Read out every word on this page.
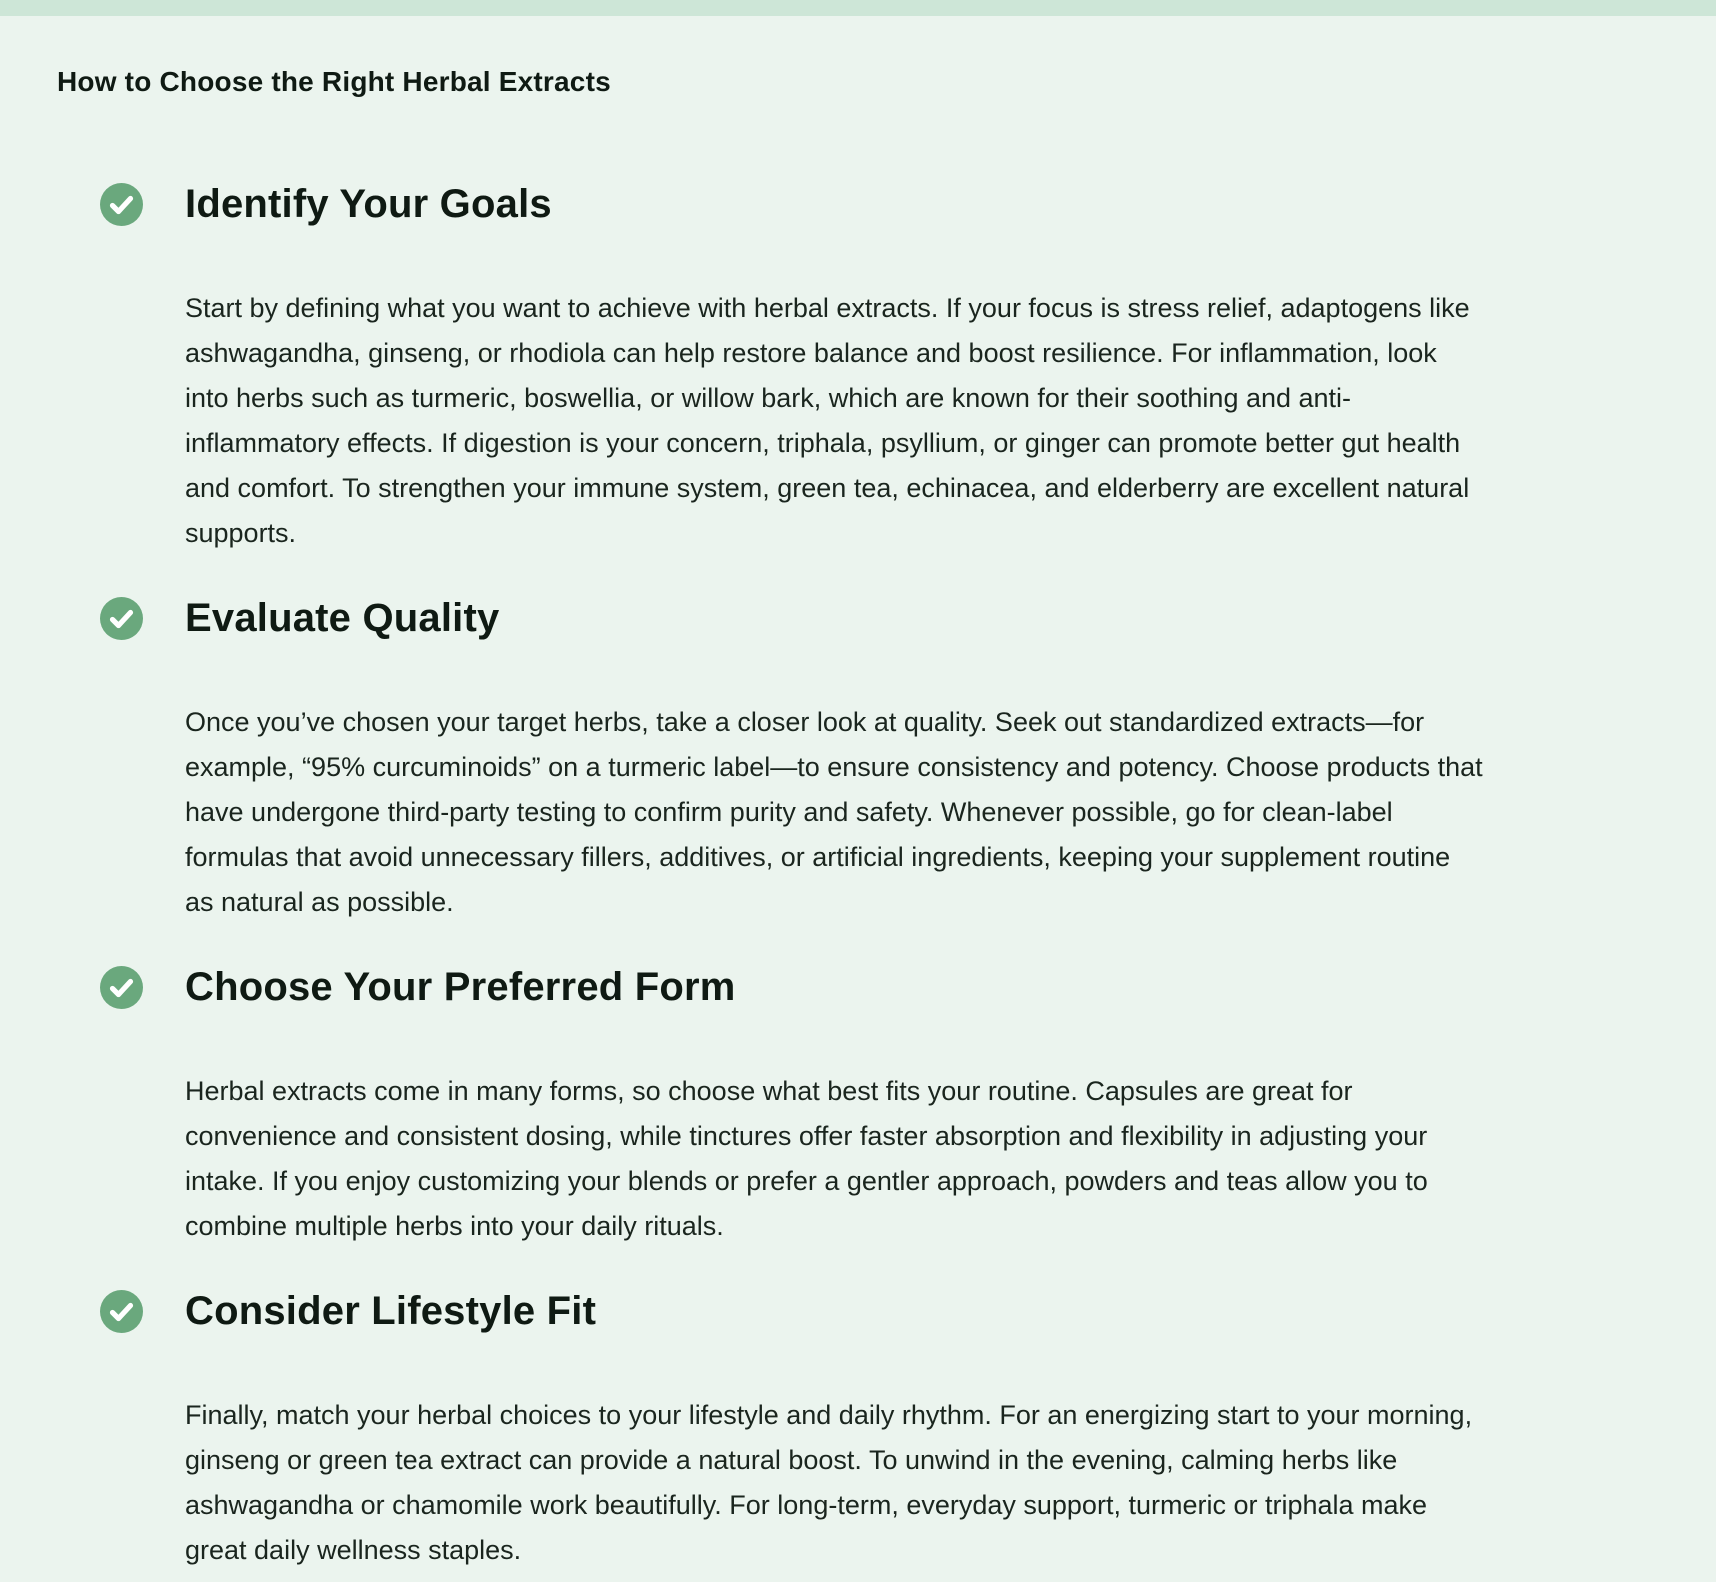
How to Choose the Right Herbal Extracts
Identify Your Goals

Start by defining what you want to achieve with herbal extracts. If your focus is stress relief, adaptogens like ashwagandha, ginseng, or rhodiola can help restore balance and boost resilience. For inflammation, look into herbs such as turmeric, boswellia, or willow bark, which are known for their soothing and anti-inflammatory effects. If digestion is your concern, triphala, psyllium, or ginger can promote better gut health and comfort. To strengthen your immune system, green tea, echinacea, and elderberry are excellent natural supports.

Evaluate Quality

Once you’ve chosen your target herbs, take a closer look at quality. Seek out standardized extracts—for example, “95% curcuminoids” on a turmeric label—to ensure consistency and potency. Choose products that have undergone third-party testing to confirm purity and safety. Whenever possible, go for clean-label formulas that avoid unnecessary fillers, additives, or artificial ingredients, keeping your supplement routine as natural as possible.

Choose Your Preferred Form

Herbal extracts come in many forms, so choose what best fits your routine. Capsules are great for convenience and consistent dosing, while tinctures offer faster absorption and flexibility in adjusting your intake. If you enjoy customizing your blends or prefer a gentler approach, powders and teas allow you to combine multiple herbs into your daily rituals.

Consider Lifestyle Fit

Finally, match your herbal choices to your lifestyle and daily rhythm. For an energizing start to your morning, ginseng or green tea extract can provide a natural boost. To unwind in the evening, calming herbs like ashwagandha or chamomile work beautifully. For long-term, everyday support, turmeric or triphala make great daily wellness staples.
